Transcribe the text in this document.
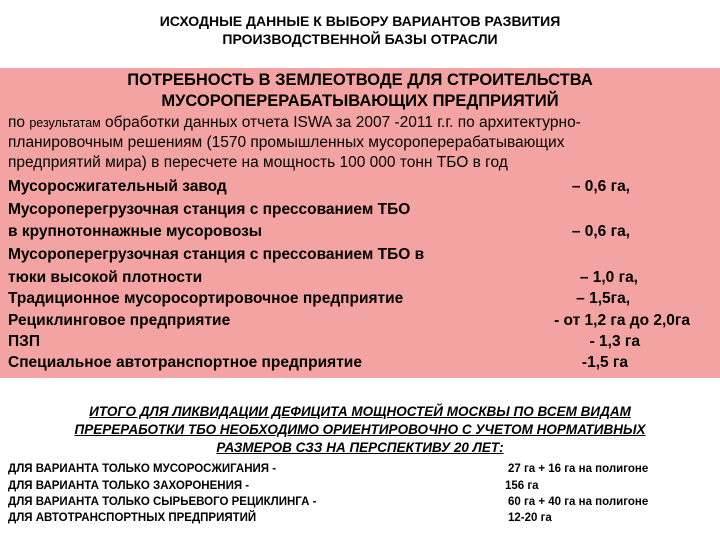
ИСХОДНЫЕ ДАННЫЕ К ВЫБОРУ ВАРИАНТОВ РАЗВИТИЯ
ПРОИЗВОДСТВЕННОЙ БАЗЫ ОТРАСЛИ
ПОТРЕБНОСТЬ В ЗЕМЛЕОТВОДЕ ДЛЯ СТРОИТЕЛЬСТВА
МУСОРОПЕРЕРАБАТЫВАЮЩИХ ПРЕДПРИЯТИЙ
по результатам обработки данных отчета ISWA за 2007 -2011 г.г. по архитектурно-
планировочным решениям (1570 промышленных мусороперерабатывающих
предприятий мира) в пересчете на мощность 100 000 тонн ТБО в год
Мусоросжигательный завод	– 0,6 га,
Мусороперегрузочная станция с прессованием ТБО
в крупнотоннажные мусоровозы	– 0,6 га,
Мусороперегрузочная станция с прессованием ТБО в
тюки высокой плотности	– 1,0 га,
Традиционное мусоросортировочное предприятие	– 1,5га,
Рециклинговое предприятие	- от 1,2 га до 2,0га
ПЗП	- 1,3 га
Специальное автотранспортное предприятие	-1,5 га
ИТОГО ДЛЯ ЛИКВИДАЦИИ ДЕФИЦИТА МОЩНОСТЕЙ МОСКВЫ ПО ВСЕМ ВИДАМ
ПРЕРЕРАБОТКИ ТБО НЕОБХОДИМО ОРИЕНТИРОВОЧНО С УЧЕТОМ НОРМАТИВНЫХ
РАЗМЕРОВ СЗЗ НА ПЕРСПЕКТИВУ 20 ЛЕТ:
ДЛЯ ВАРИАНТА ТОЛЬКО МУСОРОСЖИГАНИЯ -	27 га + 16 га на полигоне
ДЛЯ ВАРИАНТА ТОЛЬКО ЗАХОРОНЕНИЯ -	156 га
ДЛЯ ВАРИАНТА ТОЛЬКО СЫРЬЕВОГО РЕЦИКЛИНГА -	60 га + 40 га на полигоне
ДЛЯ АВТОТРАНСПОРТНЫХ ПРЕДПРИЯТИЙ	12-20 га
